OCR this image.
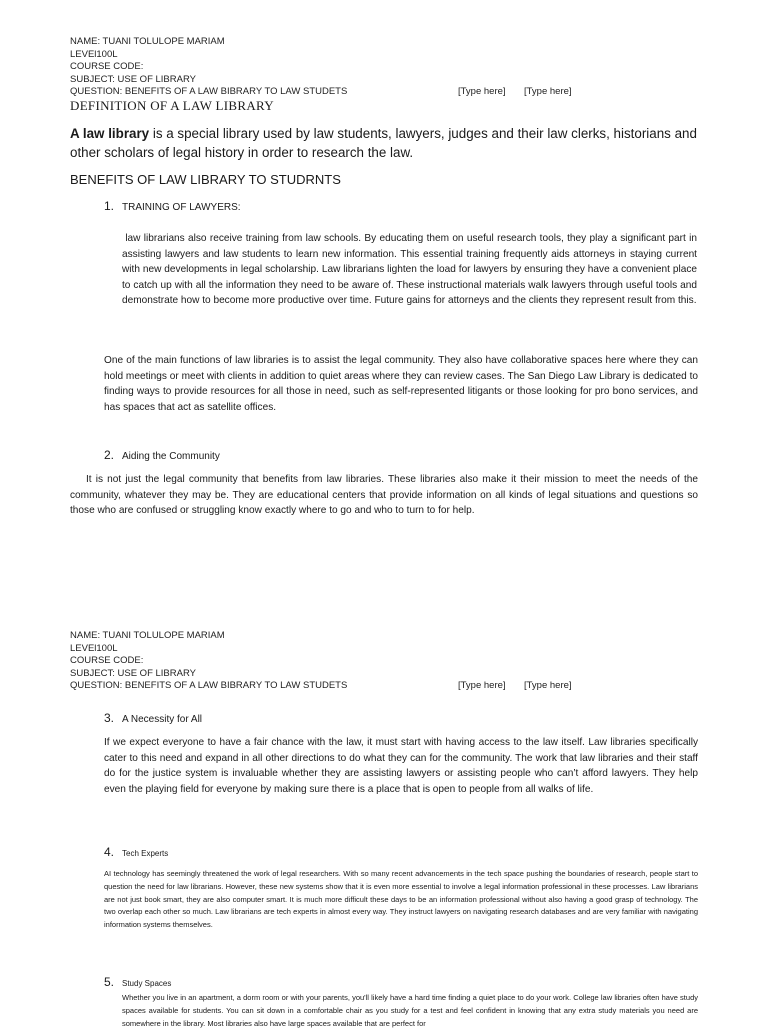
NAME: TUANI TOLULOPE MARIAM
LEVEl100L
COURSE CODE:
SUBJECT: USE OF LIBRARY
QUESTION: BENEFITS OF A LAW BIBRARY TO LAW STUDETS	[Type here] [Type here]
DEFINITION OF A LAW LIBRARY
A law library is a special library used by law students, lawyers, judges and their law clerks, historians and other scholars of legal history in order to research the law.
BENEFITS OF LAW LIBRARY TO STUDRNTS
1. TRAINING OF LAWYERS:
law librarians also receive training from law schools. By educating them on useful research tools, they play a significant part in assisting lawyers and law students to learn new information. This essential training frequently aids attorneys in staying current with new developments in legal scholarship. Law librarians lighten the load for lawyers by ensuring they have a convenient place to catch up with all the information they need to be aware of. These instructional materials walk lawyers through useful tools and demonstrate how to become more productive over time. Future gains for attorneys and the clients they represent result from this.
One of the main functions of law libraries is to assist the legal community. They also have collaborative spaces here where they can hold meetings or meet with clients in addition to quiet areas where they can review cases. The San Diego Law Library is dedicated to finding ways to provide resources for all those in need, such as self-represented litigants or those looking for pro bono services, and has spaces that act as satellite offices.
2. Aiding the Community
It is not just the legal community that benefits from law libraries. These libraries also make it their mission to meet the needs of the community, whatever they may be. They are educational centers that provide information on all kinds of legal situations and questions so those who are confused or struggling know exactly where to go and who to turn to for help.
NAME: TUANI TOLULOPE MARIAM
LEVEl100L
COURSE CODE:
SUBJECT: USE OF LIBRARY
QUESTION: BENEFITS OF A LAW BIBRARY TO LAW STUDETS	[Type here] [Type here]
3. A Necessity for All
If we expect everyone to have a fair chance with the law, it must start with having access to the law itself. Law libraries specifically cater to this need and expand in all other directions to do what they can for the community. The work that law libraries and their staff do for the justice system is invaluable whether they are assisting lawyers or assisting people who can’t afford lawyers. They help even the playing field for everyone by making sure there is a place that is open to people from all walks of life.
4. Tech Experts
AI technology has seemingly threatened the work of legal researchers. With so many recent advancements in the tech space pushing the boundaries of research, people start to question the need for law librarians. However, these new systems show that it is even more essential to involve a legal information professional in these processes. Law librarians are not just book smart, they are also computer smart. It is much more difficult these days to be an information professional without also having a good grasp of technology. The two overlap each other so much. Law librarians are tech experts in almost every way. They instruct lawyers on navigating research databases and are very familiar with navigating information systems themselves.
5. Study Spaces
Whether you live in an apartment, a dorm room or with your parents, you'll likely have a hard time finding a quiet place to do your work. College law libraries often have study spaces available for students. You can sit down in a comfortable chair as you study for a test and feel confident in knowing that any extra study materials you need are somewhere in the library. Most libraries also have large spaces available that are perfect for
